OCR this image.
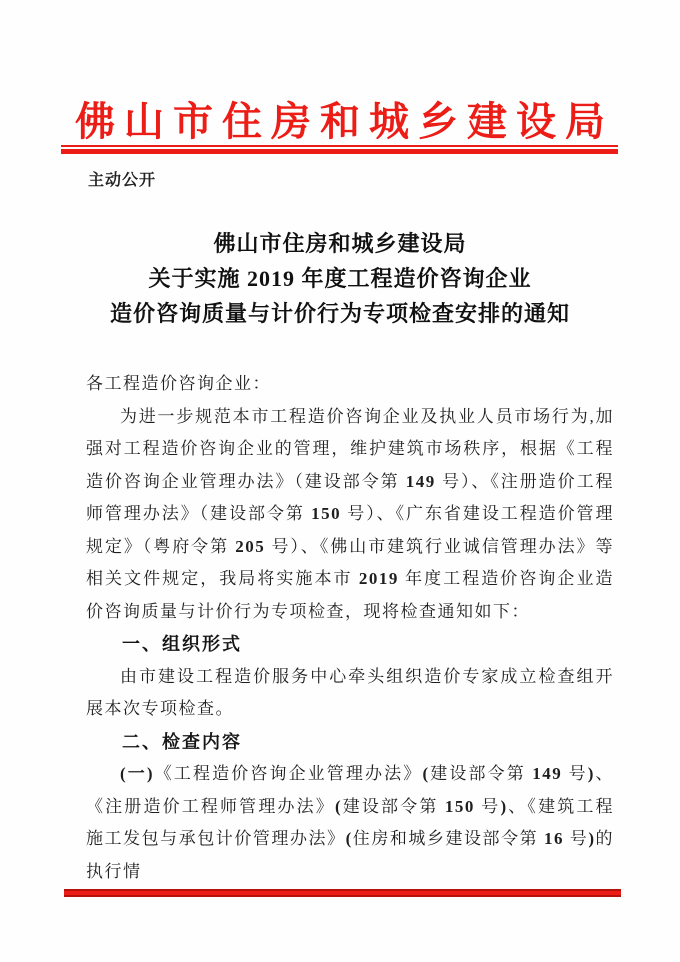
佛山市住房和城乡建设局
主动公开
佛山市住房和城乡建设局
关于实施 2019 年度工程造价咨询企业
造价咨询质量与计价行为专项检查安排的通知

各工程造价咨询企业：

为进一步规范本市工程造价咨询企业及执业人员市场行为,加强对工程造价咨询企业的管理，维护建筑市场秩序，根据《工程造价咨询企业管理办法》（建设部令第 149 号）、《注册造价工程师管理办法》（建设部令第 150 号）、《广东省建设工程造价管理规定》（粤府令第 205 号）、《佛山市建筑行业诚信管理办法》等相关文件规定，我局将实施本市 2019 年度工程造价咨询企业造价咨询质量与计价行为专项检查，现将检查通知如下：

一、组织形式

由市建设工程造价服务中心牵头组织造价专家成立检查组开展本次专项检查。

二、检查内容

(一)《工程造价咨询企业管理办法》(建设部令第 149 号)、《注册造价工程师管理办法》(建设部令第 150 号)、《建筑工程施工发包与承包计价管理办法》(住房和城乡建设部令第 16 号)的执行情
